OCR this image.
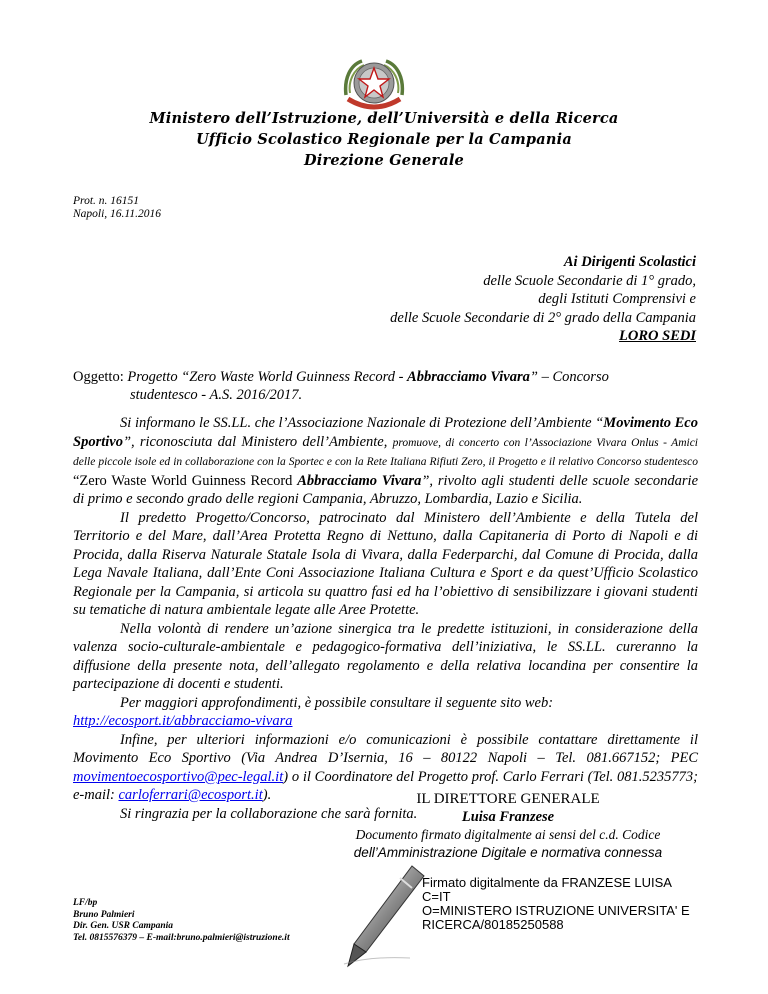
Ministero dell’Istruzione, dell’Università e della Ricerca
Ufficio Scolastico Regionale per la Campania
Direzione Generale
Prot. n. 16151
Napoli, 16.11.2016
Ai Dirigenti Scolastici
delle Scuole Secondarie di 1° grado,
degli Istituti Comprensivi e
delle Scuole Secondarie di 2° grado della Campania
LORO SEDI
Oggetto: Progetto “Zero Waste World Guinness Record - Abbracciamo Vivara” – Concorso
studentesco - A.S. 2016/2017.

Si informano le SS.LL. che l’Associazione Nazionale di Protezione dell’Ambiente “Movimento Eco Sportivo”, riconosciuta dal Ministero dell’Ambiente, promuove, di concerto con l’Associazione Vivara Onlus - Amici delle piccole isole ed in collaborazione con la Sportec e con la Rete Italiana Rifiuti Zero, il Progetto e il relativo Concorso studentesco “Zero Waste World Guinness Record Abbracciamo Vivara”, rivolto agli studenti delle scuole secondarie di primo e secondo grado delle regioni Campania, Abruzzo, Lombardia, Lazio e Sicilia.

Il predetto Progetto/Concorso, patrocinato dal Ministero dell’Ambiente e della Tutela del Territorio e del Mare, dall’Area Protetta Regno di Nettuno, dalla Capitaneria di Porto di Napoli e di Procida, dalla Riserva Naturale Statale Isola di Vivara, dalla Federparchi, dal Comune di Procida, dalla Lega Navale Italiana, dall’Ente Coni Associazione Italiana Cultura e Sport e da quest’Ufficio Scolastico Regionale per la Campania, si articola su quattro fasi ed ha l’obiettivo di sensibilizzare i giovani studenti su tematiche di natura ambientale legate alle Aree Protette.

Nella volontà di rendere un’azione sinergica tra le predette istituzioni, in considerazione della valenza socio-culturale-ambientale e pedagogico-formativa dell’iniziativa, le SS.LL. cureranno la diffusione della presente nota, dell’allegato regolamento e della relativa locandina per consentire la partecipazione di docenti e studenti.

Per maggiori approfondimenti, è possibile consultare il seguente sito web:

http://ecosport.it/abbracciamo-vivara

Infine, per ulteriori informazioni e/o comunicazioni è possibile contattare direttamente il Movimento Eco Sportivo (Via Andrea D’Isernia, 16 – 80122 Napoli – Tel. 081.667152; PEC movimentoecosportivo@pec-legal.it) o il Coordinatore del Progetto prof. Carlo Ferrari (Tel. 081.5235773; e-mail: carloferrari@ecosport.it).

Si ringrazia per la collaborazione che sarà fornita.

IL DIRETTORE GENERALE
Luisa Franzese
Documento firmato digitalmente ai sensi del c.d. Codice
dell’Amministrazione Digitale e normativa connessa
Firmato digitalmente da FRANZESE LUISA
C=IT
O=MINISTERO ISTRUZIONE UNIVERSITA' E
RICERCA/80185250588
LF/bp
Bruno Palmieri
Dir. Gen. USR Campania
Tel. 0815576379 – E-mail:bruno.palmieri@istruzione.it
